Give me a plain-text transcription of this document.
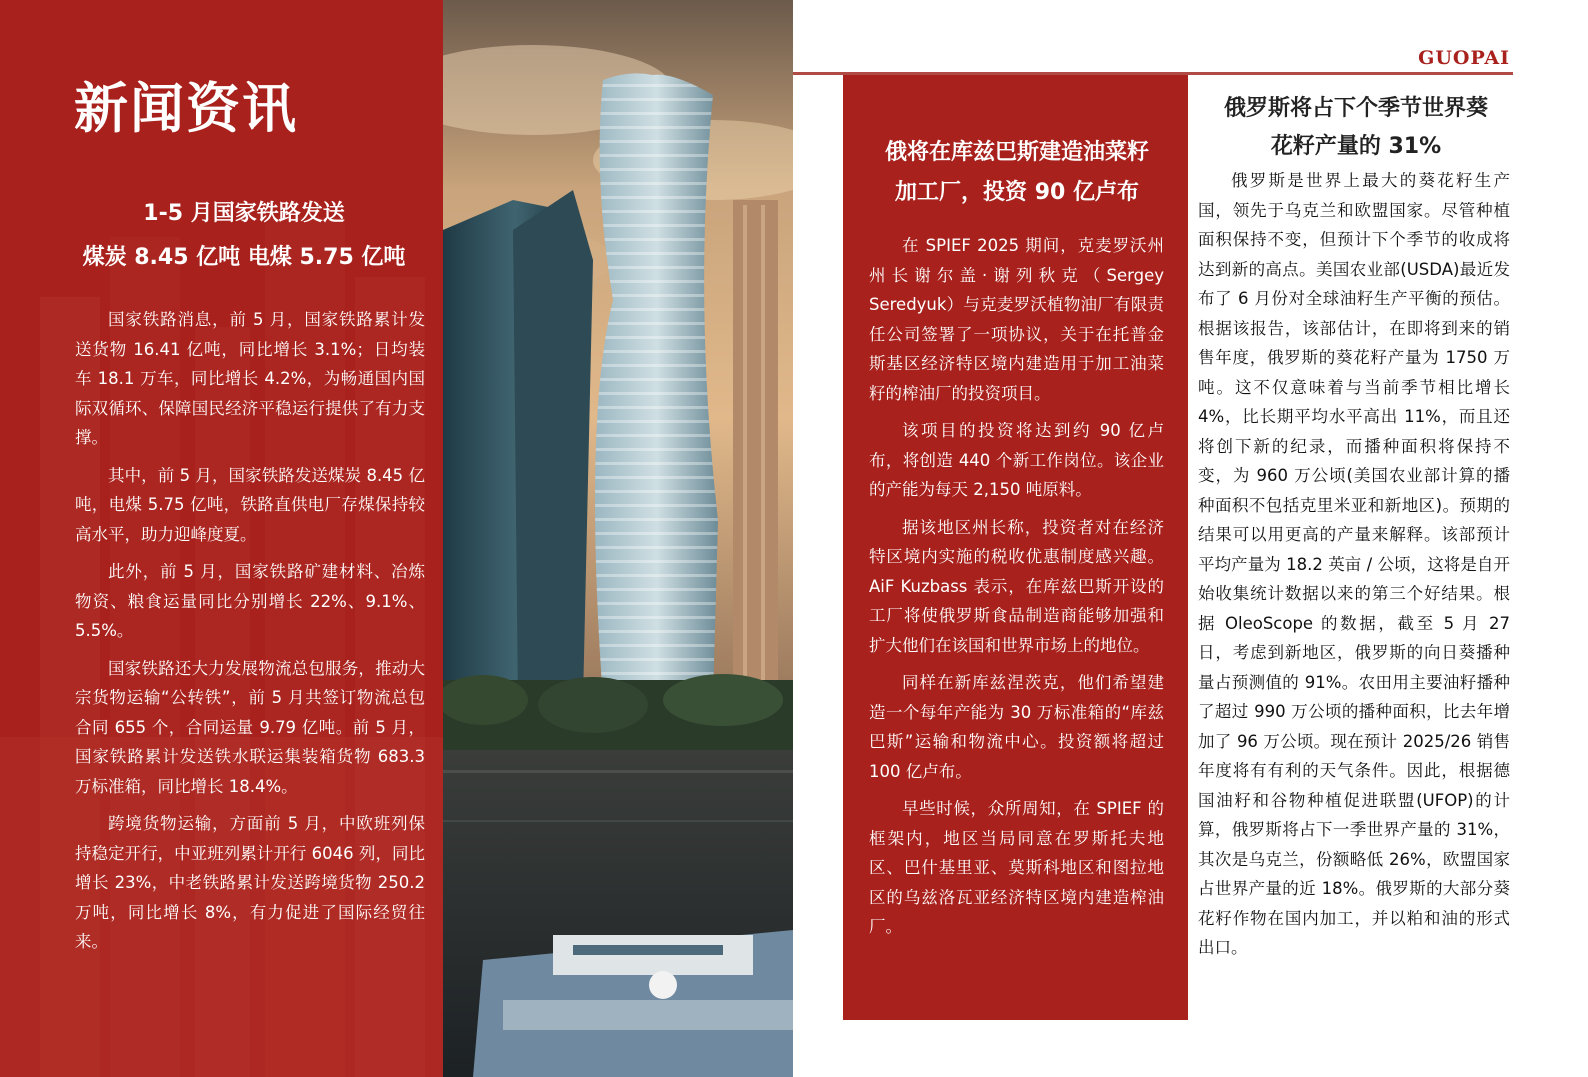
新闻资讯
1-5 月国家铁路发送
煤炭 8.45 亿吨 电煤 5.75 亿吨

国家铁路消息，前 5 月，国家铁路累计发送货物 16.41 亿吨，同比增长 3.1%；日均装车 18.1 万车，同比增长 4.2%，为畅通国内国际双循环、保障国民经济平稳运行提供了有力支撑。

其中，前 5 月，国家铁路发送煤炭 8.45 亿吨，电煤 5.75 亿吨，铁路直供电厂存煤保持较高水平，助力迎峰度夏。

此外，前 5 月，国家铁路矿建材料、冶炼物资、粮食运量同比分别增长 22%、9.1%、5.5%。

国家铁路还大力发展物流总包服务，推动大宗货物运输“公转铁”，前 5 月共签订物流总包合同 655 个，合同运量 9.79 亿吨。前 5 月，国家铁路累计发送铁水联运集装箱货物 683.3 万标准箱，同比增长 18.4%。

跨境货物运输，方面前 5 月，中欧班列保持稳定开行，中亚班列累计开行 6046 列，同比增长 23%，中老铁路累计发送跨境货物 250.2 万吨，同比增长 8%，有力促进了国际经贸往来。

GUOPAI
俄将在库兹巴斯建造油菜籽
加工厂，投资 90 亿卢布

在 SPIEF 2025 期间，克麦罗沃州州长谢尔盖·谢列秋克（Sergey Seredyuk）与克麦罗沃植物油厂有限责任公司签署了一项协议，关于在托普金斯基区经济特区境内建造用于加工油菜籽的榨油厂的投资项目。

该项目的投资将达到约 90 亿卢布，将创造 440 个新工作岗位。该企业的产能为每天 2,150 吨原料。

据该地区州长称，投资者对在经济特区境内实施的税收优惠制度感兴趣。AiF Kuzbass 表示，在库兹巴斯开设的工厂将使俄罗斯食品制造商能够加强和扩大他们在该国和世界市场上的地位。

同样在新库兹涅茨克，他们希望建造一个每年产能为 30 万标准箱的“库兹巴斯”运输和物流中心。投资额将超过 100 亿卢布。

早些时候，众所周知，在 SPIEF 的框架内，地区当局同意在罗斯托夫地区、巴什基里亚、莫斯科地区和图拉地区的乌兹洛瓦亚经济特区境内建造榨油厂。

俄罗斯将占下个季节世界葵
花籽产量的 31%

俄罗斯是世界上最大的葵花籽生产国，领先于乌克兰和欧盟国家。尽管种植面积保持不变，但预计下个季节的收成将达到新的高点。美国农业部(USDA)最近发布了 6 月份对全球油籽生产平衡的预估。根据该报告，该部估计，在即将到来的销售年度，俄罗斯的葵花籽产量为 1750 万吨。这不仅意味着与当前季节相比增长 4%，比长期平均水平高出 11%，而且还将创下新的纪录，而播种面积将保持不变，为 960 万公顷(美国农业部计算的播种面积不包括克里米亚和新地区)。预期的结果可以用更高的产量来解释。该部预计平均产量为 18.2 英亩 / 公顷，这将是自开始收集统计数据以来的第三个好结果。根据 OleoScope 的数据，截至 5 月 27 日，考虑到新地区，俄罗斯的向日葵播种量占预测值的 91%。农田用主要油籽播种了超过 990 万公顷的播种面积，比去年增加了 96 万公顷。现在预计 2025/26 销售年度将有有利的天气条件。因此，根据德国油籽和谷物种植促进联盟(UFOP)的计算，俄罗斯将占下一季世界产量的 31%，其次是乌克兰，份额略低 26%，欧盟国家占世界产量的近 18%。俄罗斯的大部分葵花籽作物在国内加工，并以粕和油的形式出口。
